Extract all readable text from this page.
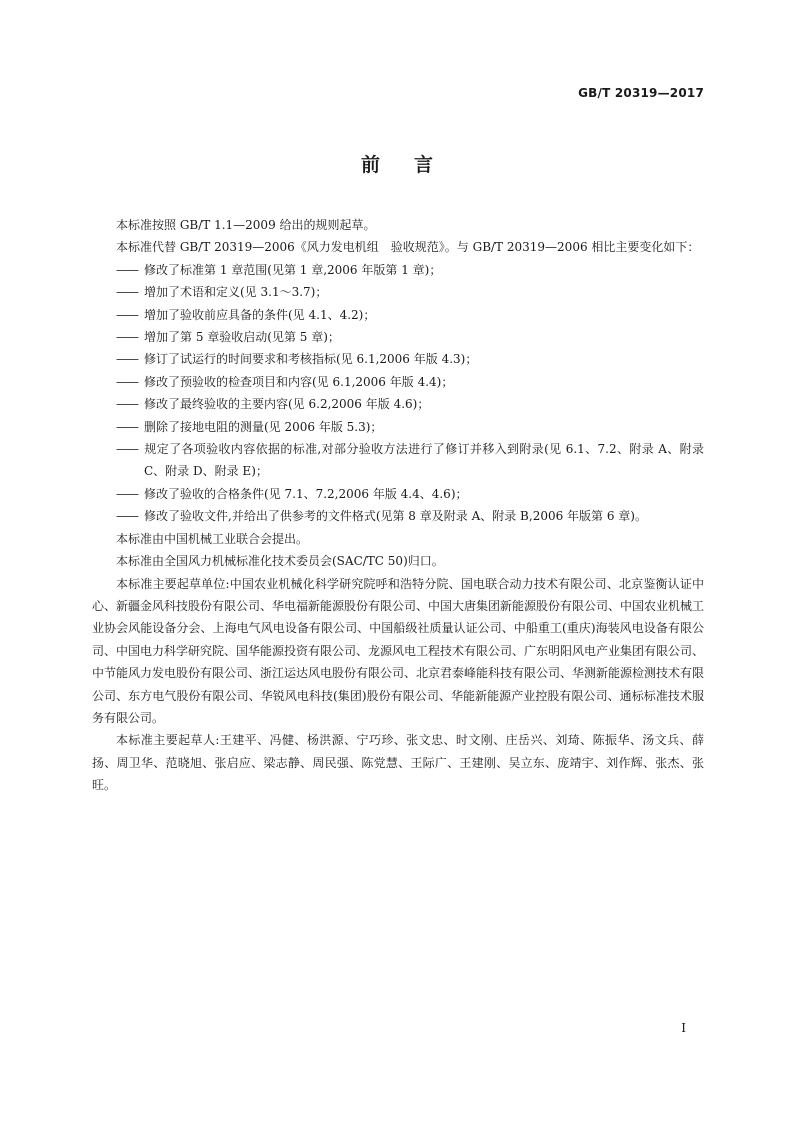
GB/T 20319—2017
前言

本标准按照 GB/T 1.1—2009 给出的规则起草。

本标准代替 GB/T 20319—2006《风力发电机组　验收规范》。与 GB/T 20319—2006 相比主要变化如下：

—— 修改了标准第 1 章范围(见第 1 章,2006 年版第 1 章)；

—— 增加了术语和定义(见 3.1～3.7)；

—— 增加了验收前应具备的条件(见 4.1、4.2)；

—— 增加了第 5 章验收启动(见第 5 章)；

—— 修订了试运行的时间要求和考核指标(见 6.1,2006 年版 4.3)；

—— 修改了预验收的检查项目和内容(见 6.1,2006 年版 4.4)；

—— 修改了最终验收的主要内容(见 6.2,2006 年版 4.6)；

—— 删除了接地电阻的测量(见 2006 年版 5.3)；

—— 规定了各项验收内容依据的标准,对部分验收方法进行了修订并移入到附录(见 6.1、7.2、附录 A、附录 C、附录 D、附录 E)；

—— 修改了验收的合格条件(见 7.1、7.2,2006 年版 4.4、4.6)；

—— 修改了验收文件,并给出了供参考的文件格式(见第 8 章及附录 A、附录 B,2006 年版第 6 章)。

本标准由中国机械工业联合会提出。

本标准由全国风力机械标准化技术委员会(SAC/TC 50)归口。

本标准主要起草单位:中国农业机械化科学研究院呼和浩特分院、国电联合动力技术有限公司、北京鉴衡认证中心、新疆金风科技股份有限公司、华电福新能源股份有限公司、中国大唐集团新能源股份有限公司、中国农业机械工业协会风能设备分会、上海电气风电设备有限公司、中国船级社质量认证公司、中船重工(重庆)海装风电设备有限公司、中国电力科学研究院、国华能源投资有限公司、龙源风电工程技术有限公司、广东明阳风电产业集团有限公司、中节能风力发电股份有限公司、浙江运达风电股份有限公司、北京君泰峰能科技有限公司、华测新能源检测技术有限公司、东方电气股份有限公司、华锐风电科技(集团)股份有限公司、华能新能源产业控股有限公司、通标标准技术服务有限公司。

本标准主要起草人:王建平、冯健、杨洪源、宁巧珍、张文忠、时文刚、庄岳兴、刘琦、陈振华、汤文兵、薛扬、周卫华、范晓旭、张启应、梁志静、周民强、陈党慧、王际广、王建刚、吴立东、庞靖宇、刘作辉、张杰、张旺。

I
